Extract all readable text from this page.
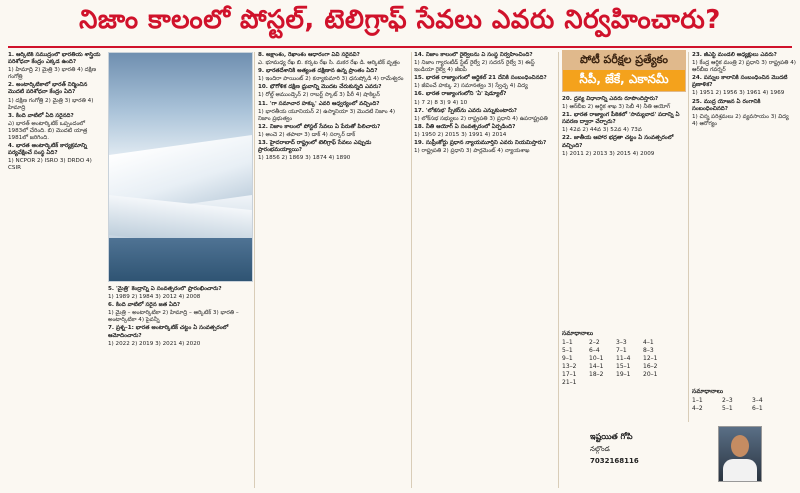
నిజాం కాలంలో పోస్టల్, టెలిగ్రాఫ్ సేవలు ఎవరు నిర్వహించారు?

1. ఆర్కిటిక్ సముద్రంలో భారతీయ శాస్త్రీయ పరిశోధనా కేంద్రం ఎక్కడ ఉంది?

1) హిమాద్రి 2) మైత్రి 3) భారతి 4) దక్షిణ గంగోత్రి

2. అంటార్కిటికాలో భారత్ నిర్మించిన మొదటి పరిశోధనా కేంద్రం ఏది?

1) దక్షిణ గంగోత్రి 2) మైత్రి 3) భారతి 4) హిమాద్రి

3. కింది వాటిలో ఏది సరైనది?

ఎ) భారత్ అంటార్కిటిక్ ఒప్పందంలో 1983లో చేరింది. బి) మొదటి యాత్ర 1981లో జరిగింది.

4. భారత అంటార్కిటిక్ కార్యక్రమాన్ని పర్యవేక్షించే సంస్థ ఏది?

1) NCPOR 2) ISRO 3) DRDO 4) CSIR

5. 'మైత్రి' కేంద్రాన్ని ఏ సంవత్సరంలో ప్రారంభించారు?

1) 1989 2) 1984 3) 2012 4) 2008

6. కింది వాటిలో సరైన జత ఏది?

1) మైత్రి – అంటార్కిటికా 2) హిమాద్రి – ఆర్కిటిక్ 3) భారతి – అంటార్కిటికా 4) పైవన్నీ

7. ప్రశ్న–1: భారత అంటార్కిటిక్ చట్టం ఏ సంవత్సరంలో ఆమోదించారు?

1) 2022 2) 2019 3) 2021 4) 2020

8. అక్షాంశం, రేఖాంశం ఆధారంగా ఏవి సరైనవి?

ఎ. భూమధ్య రేఖ బి. కర్కట రేఖ సి. మకర రేఖ డి. ఆర్కిటిక్ వృత్తం

9. భారతదేశానికి అత్యంత దక్షిణాన ఉన్న ప్రాంతం ఏది?

1) ఇందిరా పాయింట్ 2) కన్యాకుమారి 3) ధనుష్కోడి 4) రామేశ్వరం

10. భౌగోళిక దక్షిణ ధ్రువాన్ని మొదట చేరుకున్నది ఎవరు?

1) రోల్డ్ అముండ్సెన్ 2) రాబర్ట్ స్కాట్ 3) పీరీ 4) షాకిల్టన్

11. 'గా సమాచార హక్కు' ఎవరి ఆధ్వర్యంలో వచ్చింది?

1) భారతీయ యూనియన్ 2) ఉస్మానియా 3) మొదటి నిజాం 4) నిజాం ప్రభుత్వం

12. నిజాం కాలంలో పోస్టల్ సేవలు ఏ పేరుతో పిలిచారు?

1) అంచె 2) తపాలా 3) డాక్ 4) సర్కార్ డాక్

13. హైదరాబాద్ రాష్ట్రంలో టెలిగ్రాఫ్ సేవలు ఎప్పుడు ప్రారంభమయ్యాయి?

1) 1856 2) 1869 3) 1874 4) 1890

14. నిజాం కాలంలో రైల్వేలను ఏ సంస్థ నిర్వహించింది?

1) నిజాం గ్యారంటీడ్ స్టేట్ రైల్వే 2) సదరన్ రైల్వే 3) ఈస్ట్ ఇండియా రైల్వే 4) జీఐపీ

15. భారత రాజ్యాంగంలో ఆర్టికల్ 21 దేనికి సంబంధించినది?

1) జీవించే హక్కు 2) సమానత్వం 3) స్వేచ్ఛ 4) విద్య

16. భారత రాజ్యాంగంలోని 'ఏ' షెడ్యూల్?

1) 7 2) 8 3) 9 4) 10

17. 'లోకసభ' స్పీకర్‌ను ఎవరు ఎన్నుకుంటారు?

1) లోక్‌సభ సభ్యులు 2) రాష్ట్రపతి 3) ప్రధాని 4) ఉపరాష్ట్రపతి

18. నీతి ఆయోగ్ ఏ సంవత్సరంలో ఏర్పడింది?

1) 1950 2) 2015 3) 1991 4) 2014

19. సుప్రీంకోర్టు ప్రధాన న్యాయమూర్తిని ఎవరు నియమిస్తారు?

1) రాష్ట్రపతి 2) ప్రధాని 3) పార్లమెంట్ 4) న్యాయశాఖ

పోటీ పరీక్షల ప్రత్యేకం
సీపీ, జేకే, ఎకానమీ

20. ద్రవ్య విధానాన్ని ఎవరు రూపొందిస్తారు?

1) ఆర్‌బీఐ 2) ఆర్థిక శాఖ 3) సెబీ 4) నీతి ఆయోగ్

21. భారత రాజ్యాంగ పీఠికలో 'సామ్యవాద' పదాన్ని ఏ సవరణ ద్వారా చేర్చారు?

1) 42వ 2) 44వ 3) 52వ 4) 73వ

22. జాతీయ ఆహార భద్రతా చట్టం ఏ సంవత్సరంలో వచ్చింది?

1) 2011 2) 2013 3) 2015 4) 2009

సమాధానాలు
1–1	2–2	3–3	4–1
5–1	6–4	7–1	8–3
9–1	10–1	11–4	12–1
13–2	14–1	15–1	16–2
17–1	18–2	19–1	20–1
21–1

23. జీఎస్టీ మండలి అధ్యక్షులు ఎవరు?

1) కేంద్ర ఆర్థిక మంత్రి 2) ప్రధాని 3) రాష్ట్రపతి 4) ఆర్‌బీఐ గవర్నర్

24. పన్నుల కాలానికి సంబంధించిన మొదటి ప్రణాళిక?

1) 1951 2) 1956 3) 1961 4) 1969

25. ముద్ర యోజన ఏ రంగానికి సంబంధించినది?

1) చిన్న పరిశ్రమలు 2) వ్యవసాయం 3) విద్య 4) ఆరోగ్యం

సమాధానాలు
1–1	2–3	3–4
4–2	5–1	6–1
ఇష్టయిత గోపి
నల్గొండ
7032168116
